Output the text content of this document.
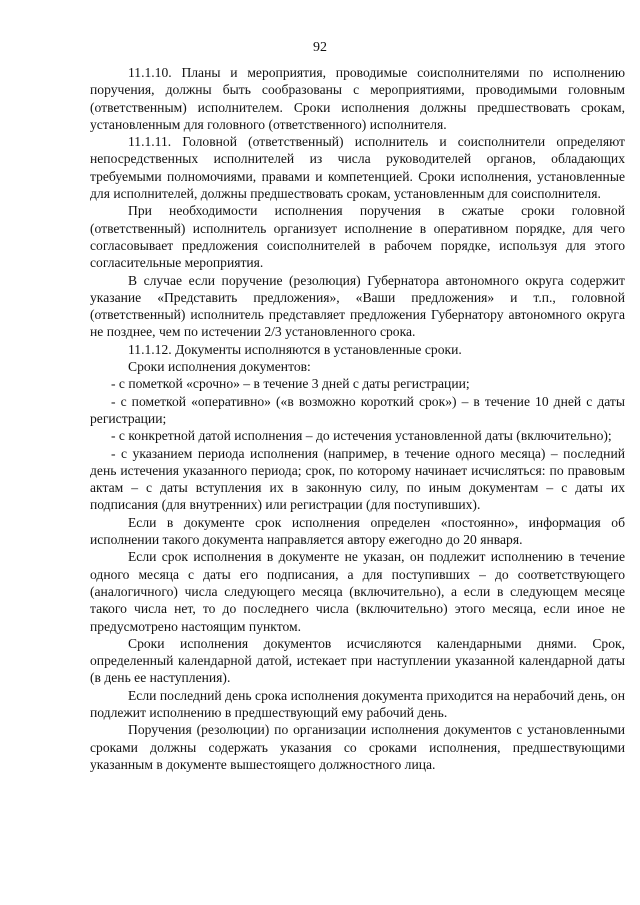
92

11.1.10. Планы и мероприятия, проводимые соисполнителями по исполнению поручения, должны быть сообразованы с мероприятиями, проводимыми головным (ответственным) исполнителем. Сроки исполнения должны предшествовать срокам, установленным для головного (ответственного) исполнителя.

11.1.11. Головной (ответственный) исполнитель и соисполнители определяют непосредственных исполнителей из числа руководителей органов, обладающих требуемыми полномочиями, правами и компетенцией. Сроки исполнения, установленные для исполнителей, должны предшествовать срокам, установленным для соисполнителя.

При необходимости исполнения поручения в сжатые сроки головной (ответственный) исполнитель организует исполнение в оперативном порядке, для чего согласовывает предложения соисполнителей в рабочем порядке, используя для этого согласительные мероприятия.

В случае если поручение (резолюция) Губернатора автономного округа содержит указание «Представить предложения», «Ваши предложения» и т.п., головной (ответственный) исполнитель представляет предложения Губернатору автономного округа не позднее, чем по истечении 2/3 установленного срока.

11.1.12. Документы исполняются в установленные сроки.

Сроки исполнения документов:

- с пометкой «срочно» – в течение 3 дней с даты регистрации;

- с пометкой «оперативно» («в возможно короткий срок») – в течение 10 дней с даты регистрации;

- с конкретной датой исполнения – до истечения установленной даты (включительно);

- с указанием периода исполнения (например, в течение одного месяца) – последний день истечения указанного периода; срок, по которому начинает исчисляться: по правовым актам – с даты вступления их в законную силу, по иным документам – с даты их подписания (для внутренних) или регистрации (для поступивших).

Если в документе срок исполнения определен «постоянно», информация об исполнении такого документа направляется автору ежегодно до 20 января.

Если срок исполнения в документе не указан, он подлежит исполнению в течение одного месяца с даты его подписания, а для поступивших – до соответствующего (аналогичного) числа следующего месяца (включительно), а если в следующем месяце такого числа нет, то до последнего числа (включительно) этого месяца, если иное не предусмотрено настоящим пунктом.

Сроки исполнения документов исчисляются календарными днями. Срок, определенный календарной датой, истекает при наступлении указанной календарной даты (в день ее наступления).

Если последний день срока исполнения документа приходится на нерабочий день, он подлежит исполнению в предшествующий ему рабочий день.

Поручения (резолюции) по организации исполнения документов с установленными сроками должны содержать указания со сроками исполнения, предшествующими указанным в документе вышестоящего должностного лица.
